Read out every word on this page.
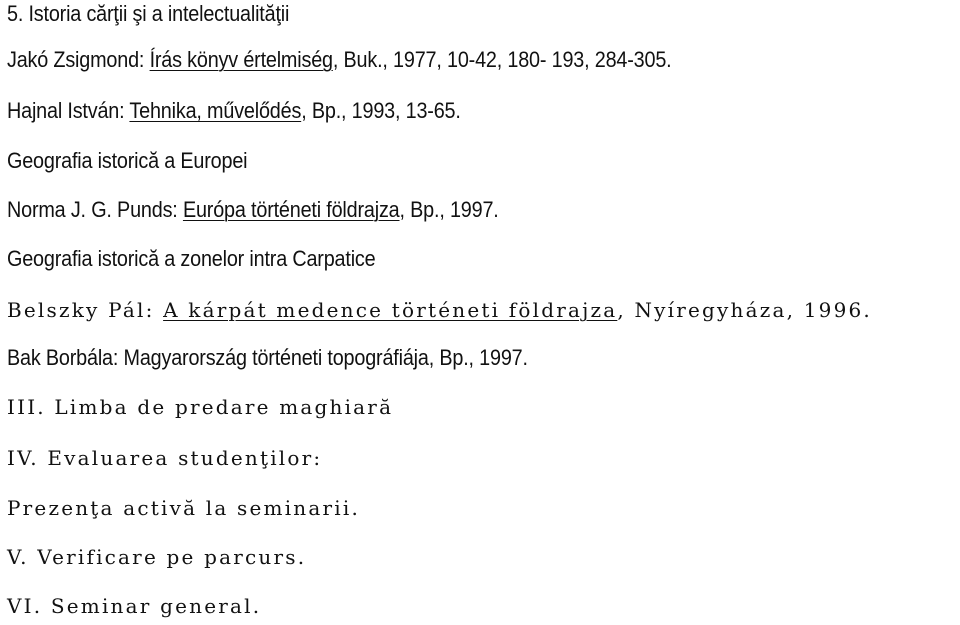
5. Istoria cărţii şi a intelectualităţii
Jakó Zsigmond: Írás könyv értelmiség, Buk., 1977, 10-42, 180- 193, 284-305.
Hajnal István: Tehnika, művelődés, Bp., 1993, 13-65.
Geografia istorică a Europei
Norma J. G. Punds: Európa történeti földrajza, Bp., 1997.
Geografia istorică a zonelor intra Carpatice
Belszky Pál: A kárpát medence történeti földrajza, Nyíregyháza, 1996.
Bak Borbála: Magyarország történeti topográfiája, Bp., 1997.
III. Limba de predare maghiară
IV. Evaluarea studenţilor:
Prezenţa activă la seminarii.
V. Verificare pe parcurs.
VI. Seminar general.
